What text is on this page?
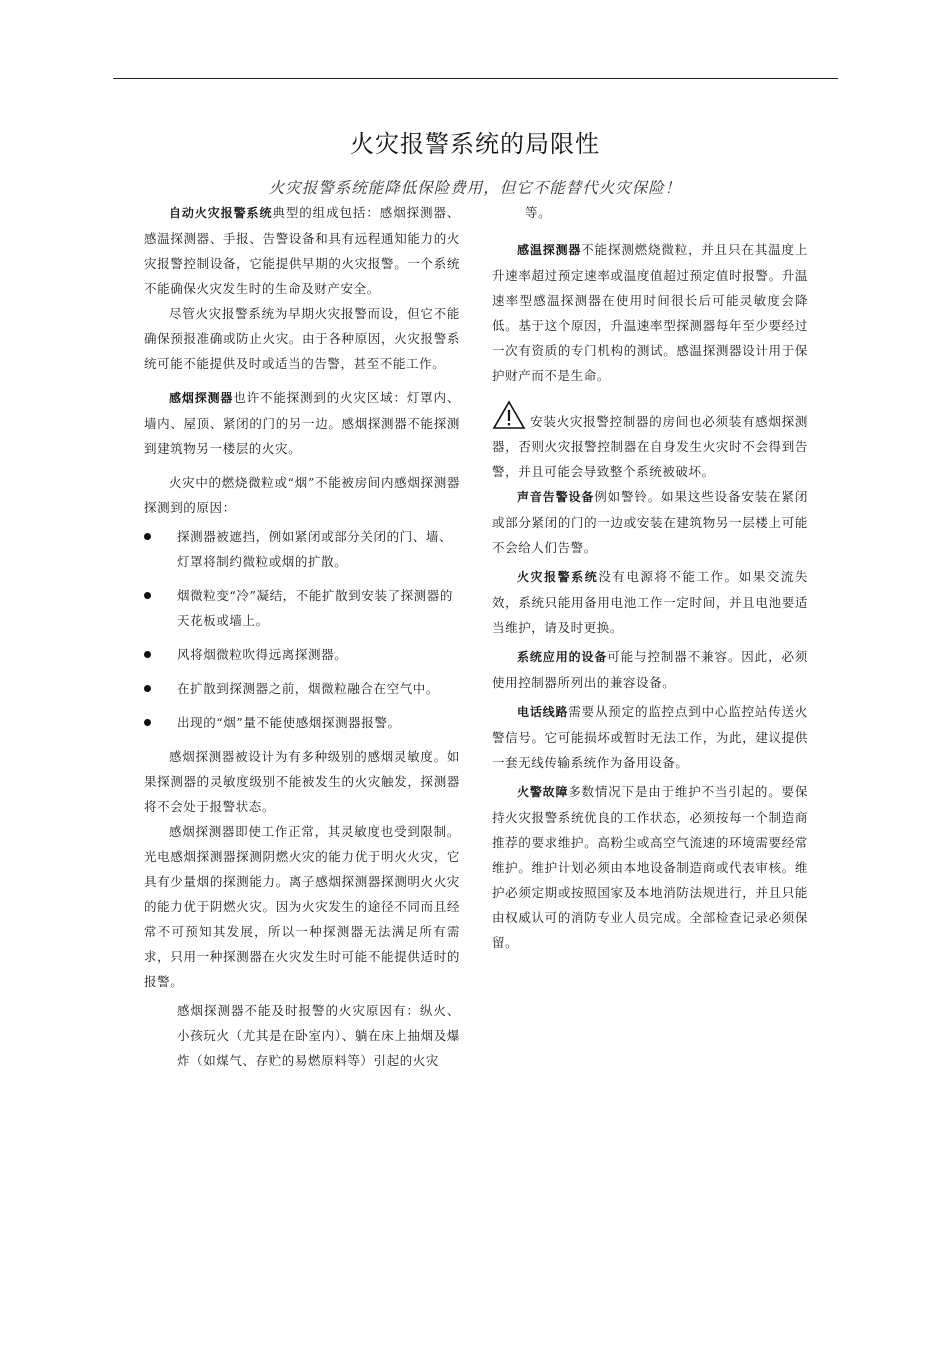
火灾报警系统的局限性
火灾报警系统能降低保险费用，但它不能替代火灾保险！

自动火灾报警系统典型的组成包括：感烟探测器、感温探测器、手报、告警设备和具有远程通知能力的火灾报警控制设备，它能提供早期的火灾报警。一个系统不能确保火灾发生时的生命及财产安全。

尽管火灾报警系统为早期火灾报警而设，但它不能确保预报准确或防止火灾。由于各种原因，火灾报警系统可能不能提供及时或适当的告警，甚至不能工作。

感烟探测器也许不能探测到的火灾区域：灯罩内、墙内、屋顶、紧闭的门的另一边。感烟探测器不能探测到建筑物另一楼层的火灾。

火灾中的燃烧微粒或“烟”不能被房间内感烟探测器探测到的原因：

探测器被遮挡，例如紧闭或部分关闭的门、墙、灯罩将制约微粒或烟的扩散。
烟微粒变“冷”凝结，不能扩散到安装了探测器的天花板或墙上。
风将烟微粒吹得远离探测器。
在扩散到探测器之前，烟微粒融合在空气中。
出现的“烟”量不能使感烟探测器报警。

感烟探测器被设计为有多种级别的感烟灵敏度。如果探测器的灵敏度级别不能被发生的火灾触发，探测器将不会处于报警状态。

感烟探测器即使工作正常，其灵敏度也受到限制。光电感烟探测器探测阴燃火灾的能力优于明火火灾，它具有少量烟的探测能力。离子感烟探测器探测明火火灾的能力优于阴燃火灾。因为火灾发生的途径不同而且经常不可预知其发展，所以一种探测器无法满足所有需求，只用一种探测器在火灾发生时可能不能提供适时的报警。

感烟探测器不能及时报警的火灾原因有：纵火、小孩玩火（尤其是在卧室内）、躺在床上抽烟及爆炸（如煤气、存贮的易燃原料等）引起的火灾

等。

感温探测器不能探测燃烧微粒，并且只在其温度上升速率超过预定速率或温度值超过预定值时报警。升温速率型感温探测器在使用时间很长后可能灵敏度会降低。基于这个原因，升温速率型探测器每年至少要经过一次有资质的专门机构的测试。感温探测器设计用于保护财产而不是生命。

安装火灾报警控制器的房间也必须装有感烟探测器，否则火灾报警控制器在自身发生火灾时不会得到告警，并且可能会导致整个系统被破坏。

声音告警设备例如警铃。如果这些设备安装在紧闭或部分紧闭的门的一边或安装在建筑物另一层楼上可能不会给人们告警。

火灾报警系统没有电源将不能工作。如果交流失效，系统只能用备用电池工作一定时间，并且电池要适当维护，请及时更换。

系统应用的设备可能与控制器不兼容。因此，必须使用控制器所列出的兼容设备。

电话线路需要从预定的监控点到中心监控站传送火警信号。它可能损坏或暂时无法工作，为此，建议提供一套无线传输系统作为备用设备。

火警故障多数情况下是由于维护不当引起的。要保持火灾报警系统优良的工作状态，必须按每一个制造商推荐的要求维护。高粉尘或高空气流速的环境需要经常维护。维护计划必须由本地设备制造商或代表审核。维护必须定期或按照国家及本地消防法规进行，并且只能由权威认可的消防专业人员完成。全部检查记录必须保留。
